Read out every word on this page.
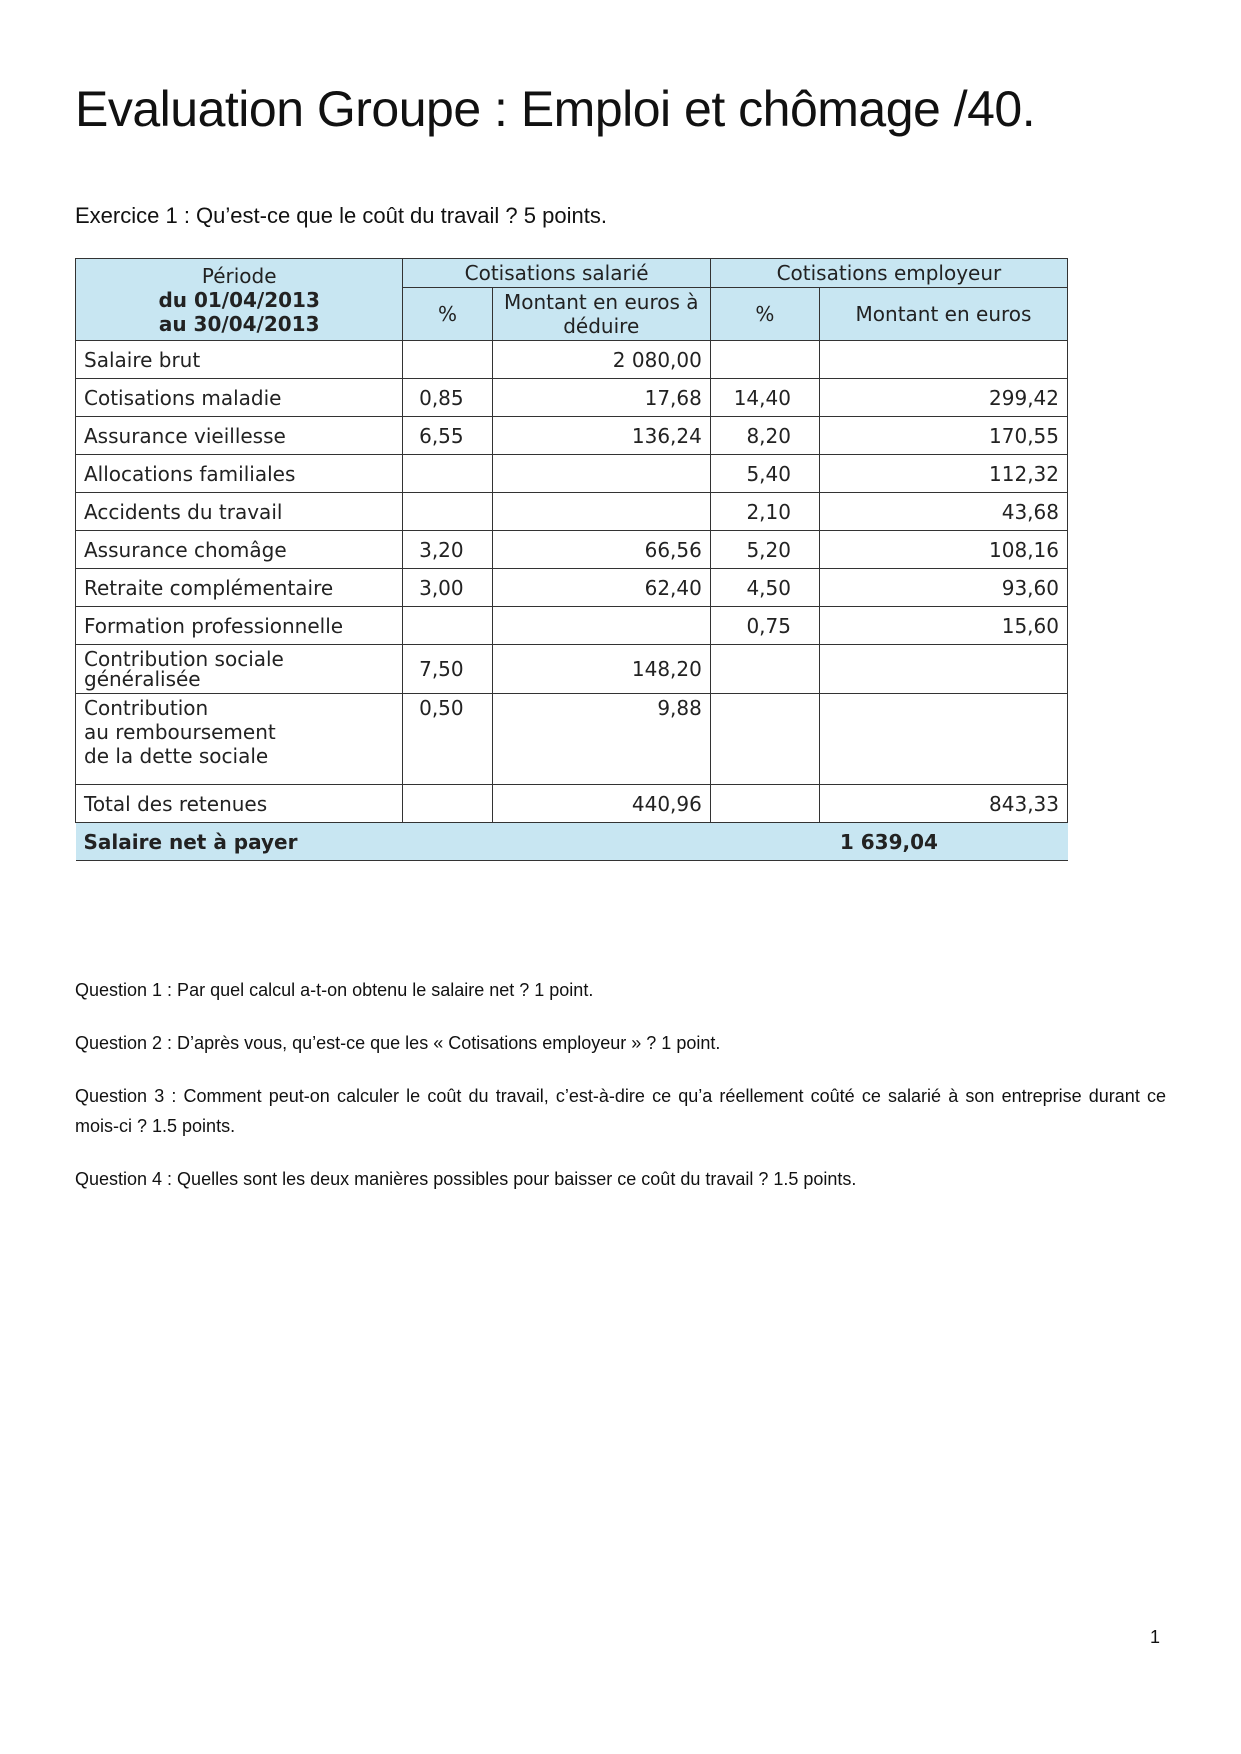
Evaluation Groupe : Emploi et chômage /40.

Exercice 1 : Qu’est-ce que le coût du travail ? 5 points.

Période
du 01/04/2013
au 30/04/2013	Cotisations salarié		Cotisations employeur	
	%	Montant en euros à déduire	%	Montant en euros
Salaire brut		2 080,00		
Cotisations maladie	0,85	17,68	14,40	299,42
Assurance vieillesse	6,55	136,24	8,20	170,55
Allocations familiales			5,40	112,32
Accidents du travail			2,10	43,68
Assurance chomâge	3,20	66,56	5,20	108,16
Retraite complémentaire	3,00	62,40	4,50	93,60
Formation professionnelle			0,75	15,60

Contribution sociale
généralisée	7,50	148,20		

Contribution
au remboursement
de la dette sociale	0,50	9,88		
Total des retenues		440,96		843,33
Salaire net à payer			1 639,04	

Question 1 : Par quel calcul a-t-on obtenu le salaire net ? 1 point.

Question 2 : D’après vous, qu’est-ce que les « Cotisations employeur » ? 1 point.

Question 3 : Comment peut-on calculer le coût du travail, c’est-à-dire ce qu’a réellement coûté ce salarié à son entreprise durant ce mois-ci ? 1.5 points.

Question 4 : Quelles sont les deux manières possibles pour baisser ce coût du travail ? 1.5 points.

1
